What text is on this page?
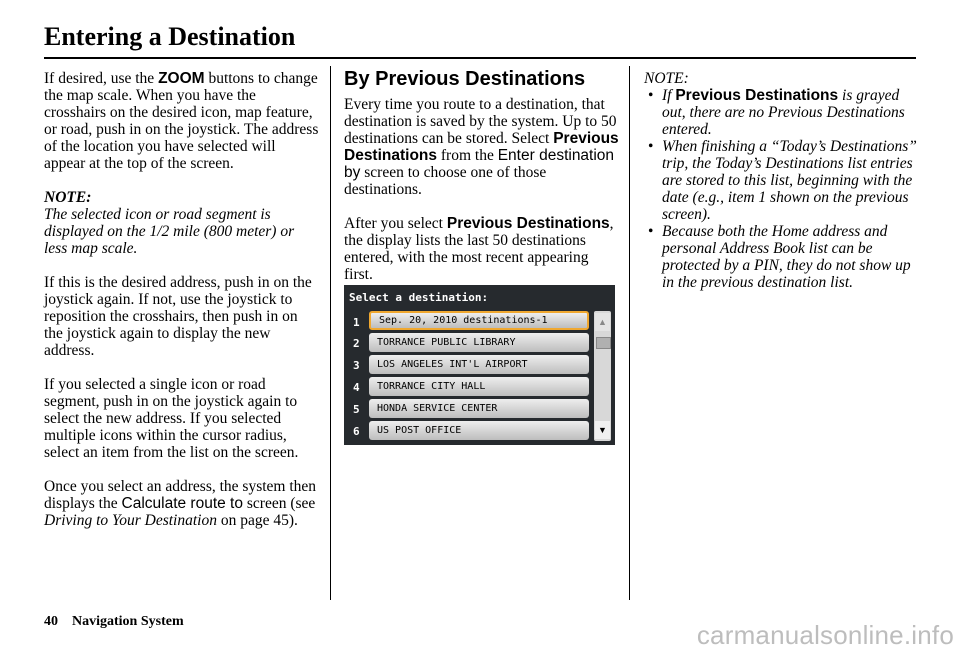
Entering a Destination

If desired, use the ZOOM buttons to change the map scale. When you have the crosshairs on the desired icon, map feature, or road, push in on the joystick. The address of the location you have selected will appear at the top of the screen.

NOTE:

The selected icon or road segment is displayed on the 1/2 mile (800 meter) or less map scale.

If this is the desired address, push in on the joystick again. If not, use the joystick to reposition the crosshairs, then push in on the joystick again to display the new address.

If you selected a single icon or road segment, push in on the joystick again to select the new address. If you selected multiple icons within the cursor radius, select an item from the list on the screen.

Once you select an address, the system then displays the Calculate route to screen (see Driving to Your Destination on page 45).

By Previous Destinations

Every time you route to a destination, that destination is saved by the system. Up to 50 destinations can be stored. Select Previous Destinations from the Enter destination by screen to choose one of those destinations.

After you select Previous Destinations, the display lists the last 50 destinations entered, with the most recent appearing first.

Select a destination:
1	Sep. 20, 2010 destinations-1
2	TORRANCE PUBLIC LIBRARY
3	LOS ANGELES INT'L AIRPORT
4	TORRANCE CITY HALL
5	HONDA SERVICE CENTER
6	US POST OFFICE
▲
▼

NOTE:

• If Previous Destinations is grayed out, there are no Previous Destinations entered.
• When finishing a “Today’s Destinations” trip, the Today’s Destinations list entries are stored to this list, beginning with the date (e.g., item 1 shown on the previous screen).
• Because both the Home address and personal Address Book list can be protected by a PIN, they do not show up in the previous destination list.
40 Navigation System	carmanualsonline.info
